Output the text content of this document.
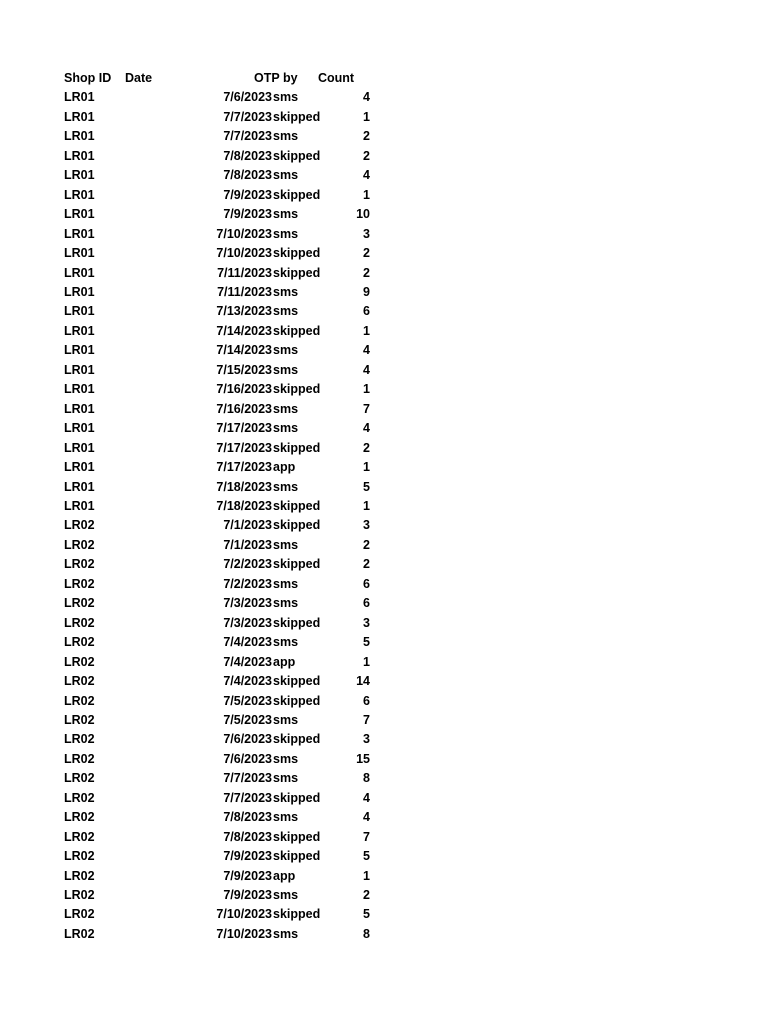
Shop ID	Date	OTP by	Count
LR01	7/6/2023	sms	4
LR01	7/7/2023	skipped	1
LR01	7/7/2023	sms	2
LR01	7/8/2023	skipped	2
LR01	7/8/2023	sms	4
LR01	7/9/2023	skipped	1
LR01	7/9/2023	sms	10
LR01	7/10/2023	sms	3
LR01	7/10/2023	skipped	2
LR01	7/11/2023	skipped	2
LR01	7/11/2023	sms	9
LR01	7/13/2023	sms	6
LR01	7/14/2023	skipped	1
LR01	7/14/2023	sms	4
LR01	7/15/2023	sms	4
LR01	7/16/2023	skipped	1
LR01	7/16/2023	sms	7
LR01	7/17/2023	sms	4
LR01	7/17/2023	skipped	2
LR01	7/17/2023	app	1
LR01	7/18/2023	sms	5
LR01	7/18/2023	skipped	1
LR02	7/1/2023	skipped	3
LR02	7/1/2023	sms	2
LR02	7/2/2023	skipped	2
LR02	7/2/2023	sms	6
LR02	7/3/2023	sms	6
LR02	7/3/2023	skipped	3
LR02	7/4/2023	sms	5
LR02	7/4/2023	app	1
LR02	7/4/2023	skipped	14
LR02	7/5/2023	skipped	6
LR02	7/5/2023	sms	7
LR02	7/6/2023	skipped	3
LR02	7/6/2023	sms	15
LR02	7/7/2023	sms	8
LR02	7/7/2023	skipped	4
LR02	7/8/2023	sms	4
LR02	7/8/2023	skipped	7
LR02	7/9/2023	skipped	5
LR02	7/9/2023	app	1
LR02	7/9/2023	sms	2
LR02	7/10/2023	skipped	5
LR02	7/10/2023	sms	8
